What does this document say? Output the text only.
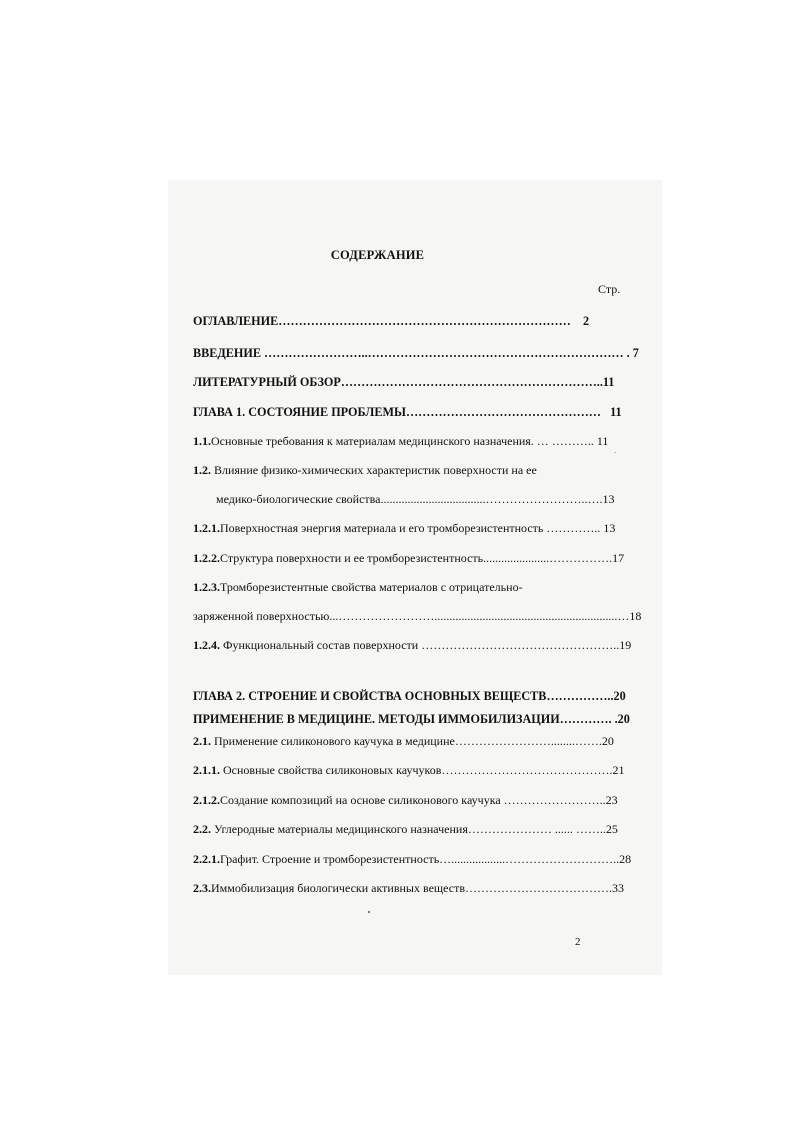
СОДЕРЖАНИЕ
Стр.
ОГЛАВЛЕНИЕ………………………………………………………………    2
ВВЕДЕНИЕ ……………………..……………………………………………………… . 7
ЛИТЕРАТУРНЫЙ ОБЗОР………………………………………………………..11
ГЛАВА 1. СОСТОЯНИЕ ПРОБЛЕМЫ…………………………………………   11
1.1.Основные требования к материалам медицинского назначения. … ……….. 11
1.2. Влияние физико-химических характеристик поверхности на ее
медико-биологические свойства...................................……………………..….13
1.2.1.Поверхностная энергия материала и его тромборезистентность ………….. 13
1.2.2.Структура поверхности и ее тромборезистентность......................…………….17
1.2.3.Тромборезистентные свойства материалов с отрицательно-
заряженной поверхностью...…………………….............................................................…18
1.2.4. Функциональный состав поверхности …………………………………………..19
ГЛАВА 2. СТРОЕНИЕ И СВОЙСТВА ОСНОВНЫХ ВЕЩЕСТВ……………..20
ПРИМЕНЕНИЕ В МЕДИЦИНЕ. МЕТОДЫ ИММОБИЛИЗАЦИИ…………. .20
2.1. Применение силиконового каучука в медицине……………………........…….20
2.1.1. Основные свойства силиконовых каучуков…………………………………….21
2.1.2.Создание композиций на основе силиконового каучука ……………………..23
2.2. Углеродные материалы медицинского назначения………………… ...... ……..25
2.2.1.Графит. Строение и тромборезистентность…..................………………………..28
2.3.Иммобилизация биологически активных веществ……………………………….33
2
